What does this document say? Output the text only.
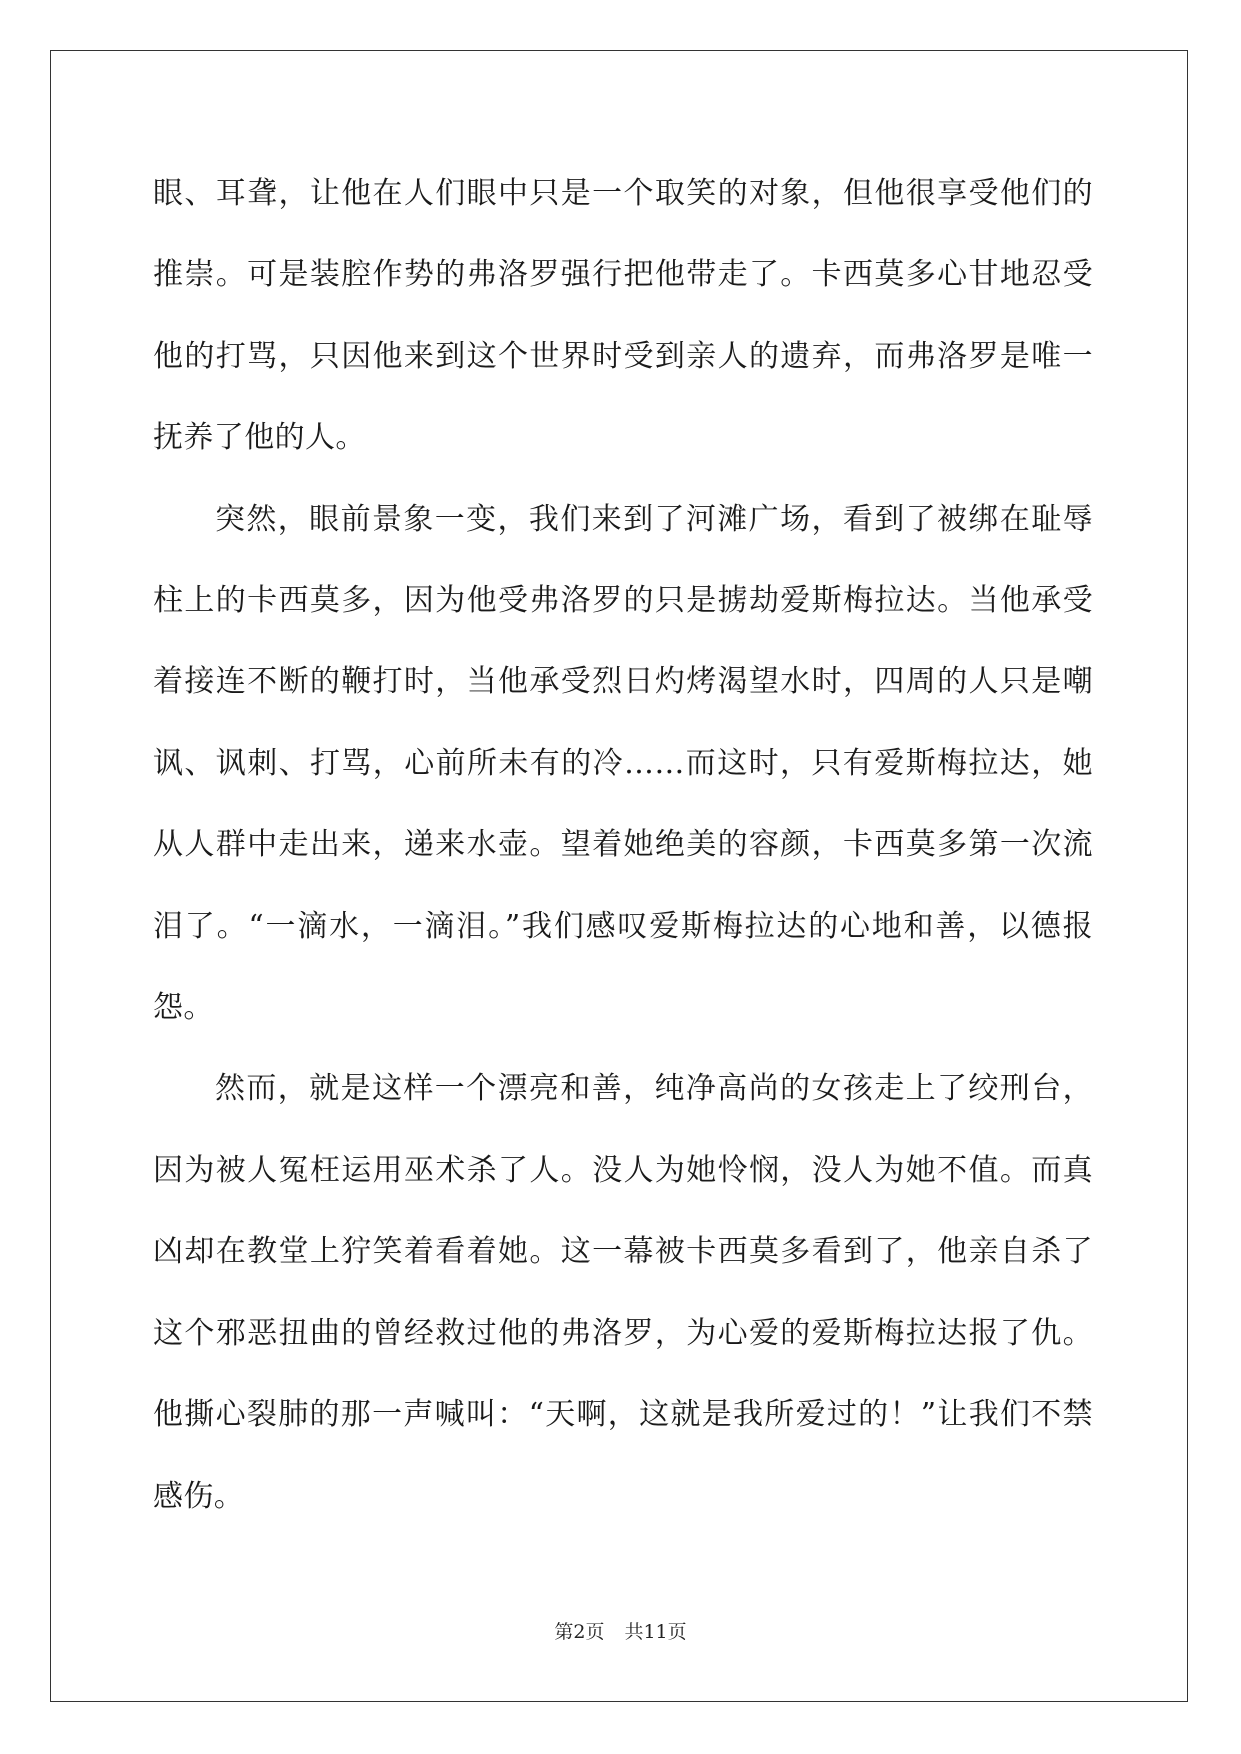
眼、耳聋，让他在人们眼中只是一个取笑的对象，但他很享受他们的推崇。可是装腔作势的弗洛罗强行把他带走了。卡西莫多心甘地忍受他的打骂，只因他来到这个世界时受到亲人的遗弃，而弗洛罗是唯一抚养了他的人。

突然，眼前景象一变，我们来到了河滩广场，看到了被绑在耻辱柱上的卡西莫多，因为他受弗洛罗的只是掳劫爱斯梅拉达。当他承受着接连不断的鞭打时，当他承受烈日灼烤渴望水时，四周的人只是嘲讽、讽刺、打骂，心前所未有的冷……而这时，只有爱斯梅拉达，她从人群中走出来，递来水壶。望着她绝美的容颜，卡西莫多第一次流泪了。“一滴水，一滴泪。”我们感叹爱斯梅拉达的心地和善，以德报怨。

然而，就是这样一个漂亮和善，纯净高尚的女孩走上了绞刑台，因为被人冤枉运用巫术杀了人。没人为她怜悯，没人为她不值。而真凶却在教堂上狞笑着看着她。这一幕被卡西莫多看到了，他亲自杀了这个邪恶扭曲的曾经救过他的弗洛罗，为心爱的爱斯梅拉达报了仇。他撕心裂肺的那一声喊叫：“天啊，这就是我所爱过的！”让我们不禁感伤。

第2页 共11页
